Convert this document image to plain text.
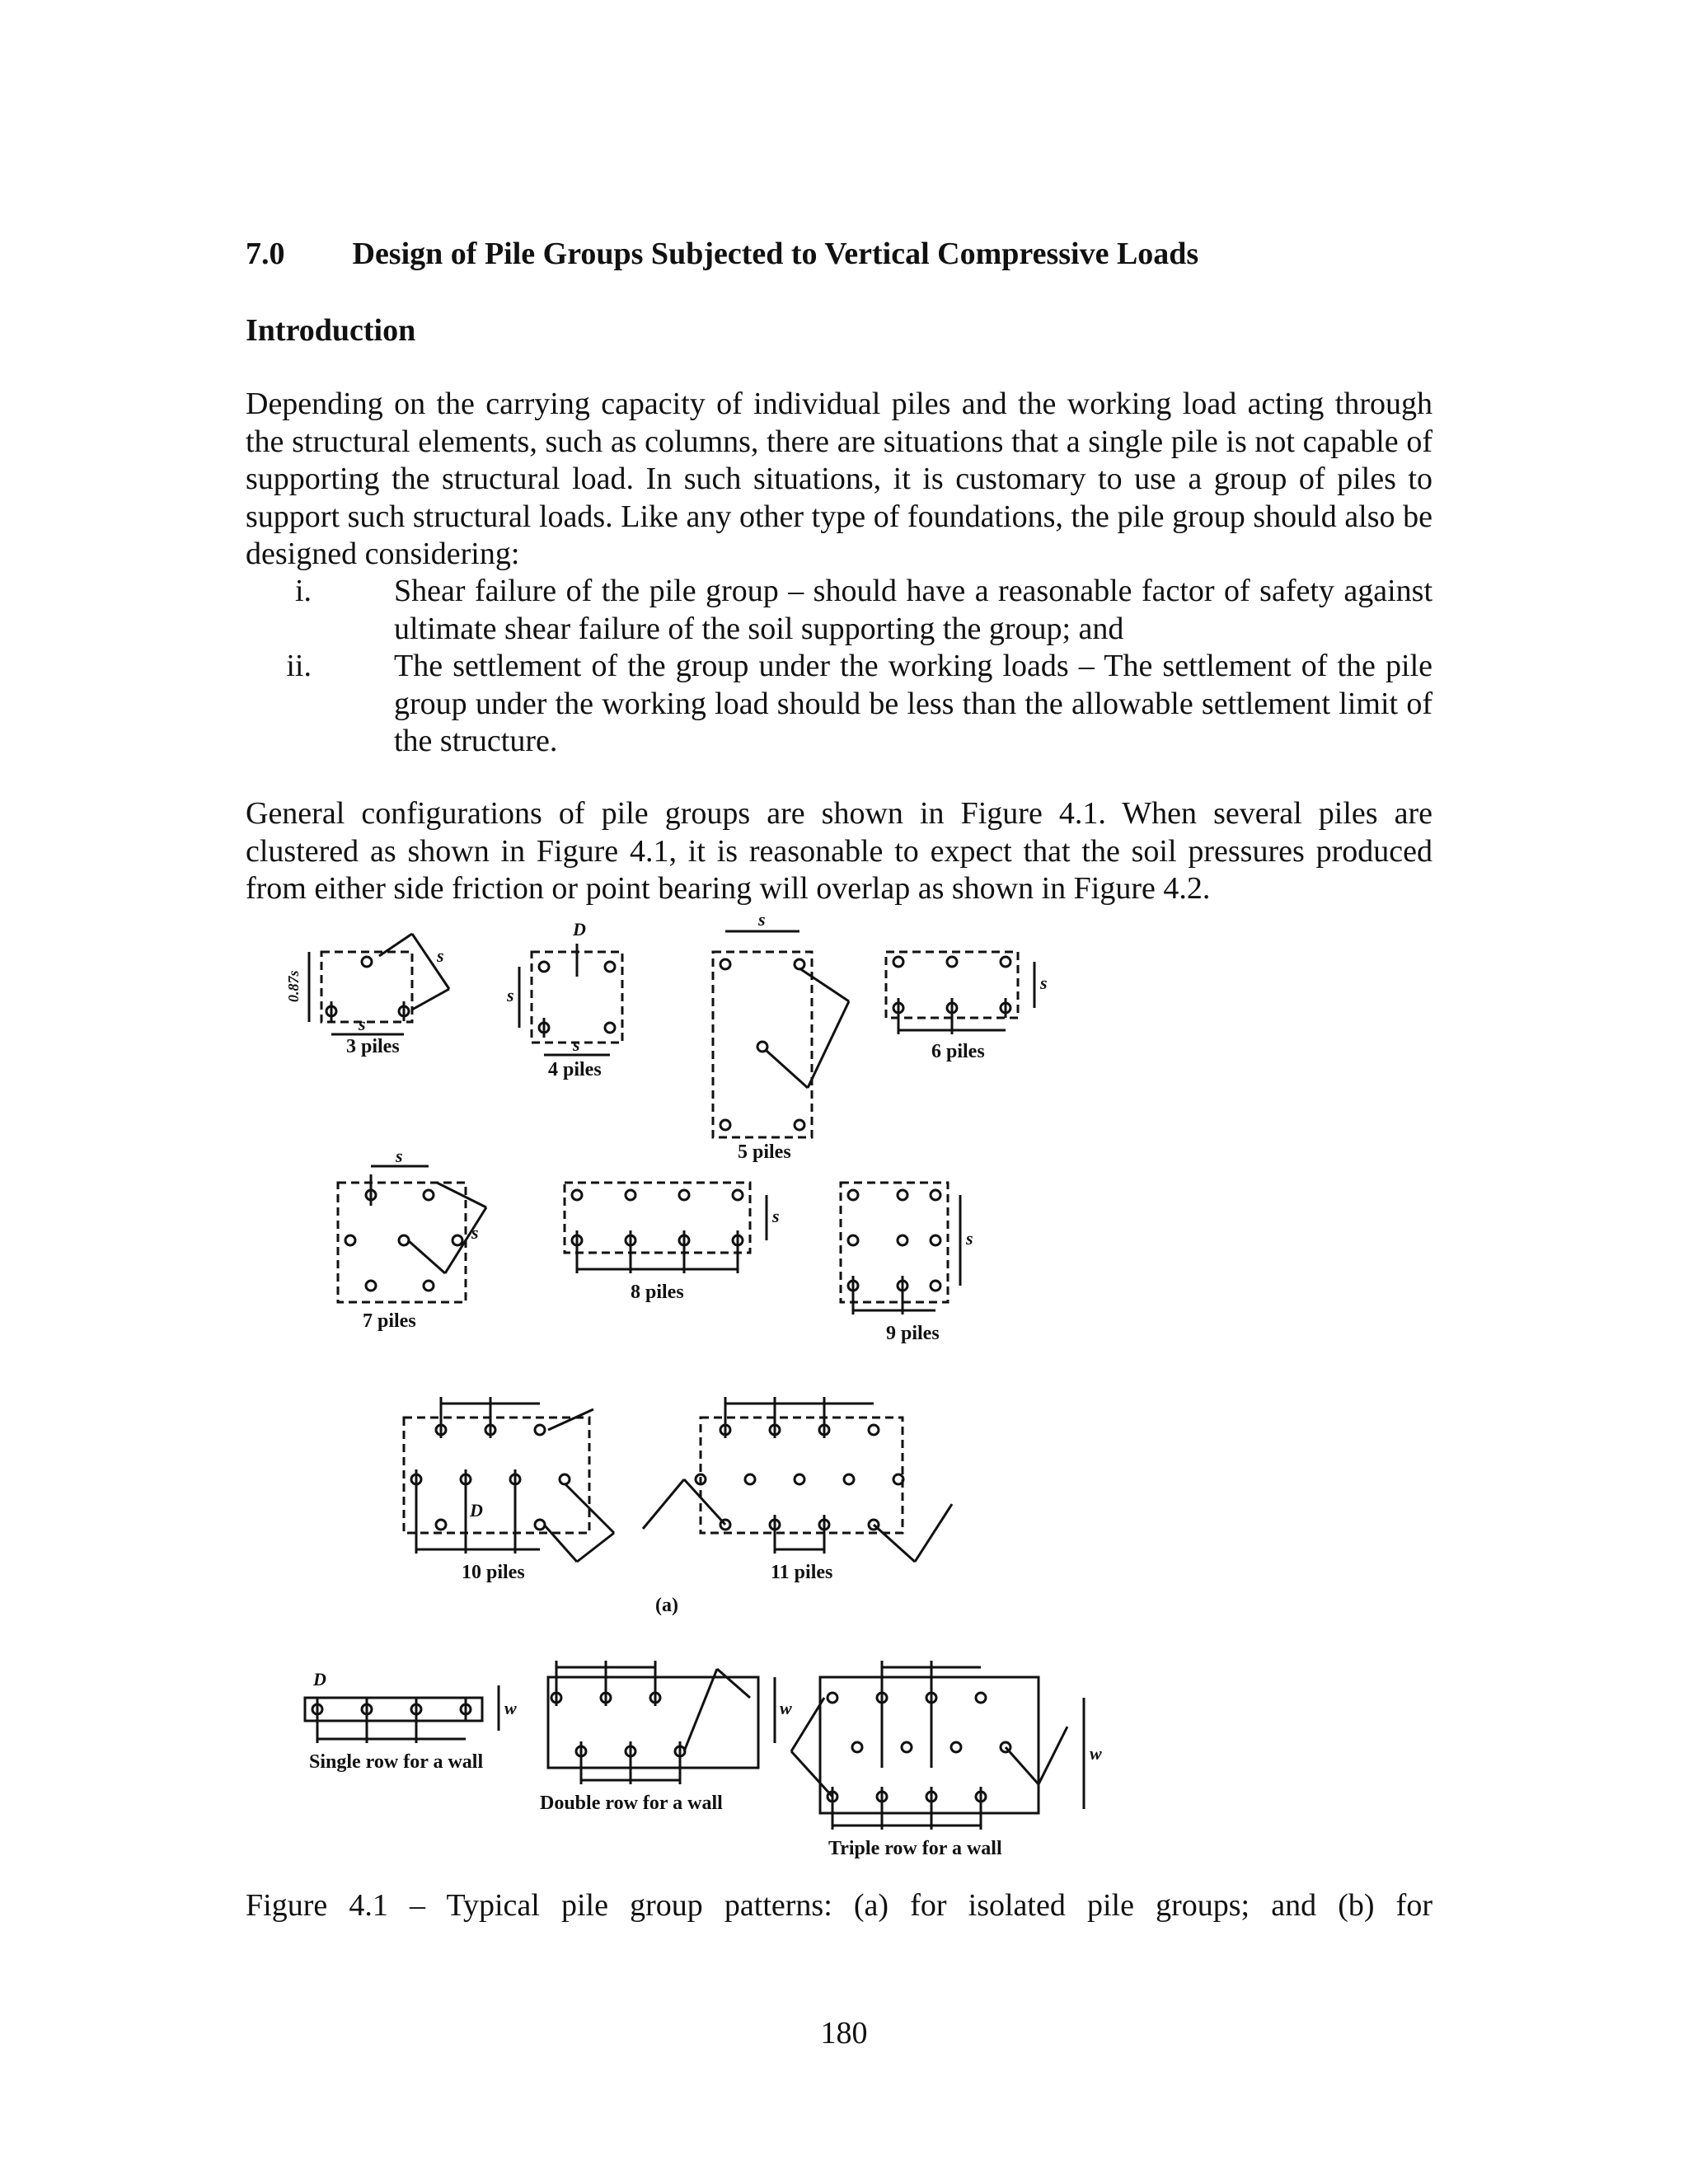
7.0 Design of Pile Groups Subjected to Vertical Compressive Loads
Introduction

Depending on the carrying capacity of individual piles and the working load acting through the structural elements, such as columns, there are situations that a single pile is not capable of supporting the structural load. In such situations, it is customary to use a group of piles to support such structural loads. Like any other type of foundations, the pile group should also be designed considering:

i.	Shear failure of the pile group – should have a reasonable factor of safety against ultimate shear failure of the soil supporting the group; and
ii.	The settlement of the group under the working loads – The settlement of the pile group under the working load should be less than the allowable settlement limit of the structure.

General configurations of pile groups are shown in Figure 4.1. When several piles are clustered as shown in Figure 4.1, it is reasonable to expect that the soil pressures produced from either side friction or point bearing will overlap as shown in Figure 4.2.

3 piles
4 piles
5 piles
6 piles
7 piles
8 piles
9 piles
10 piles	11 piles
(a)
Single row for a wall
Double row for a wall
Triple row for a wall
s
s
0.87s
D
s
s
s
s
s
s
s
s
D
D
w	w
w

Figure 4.1 – Typical pile group patterns: (a) for isolated pile groups; and (b) for

180
